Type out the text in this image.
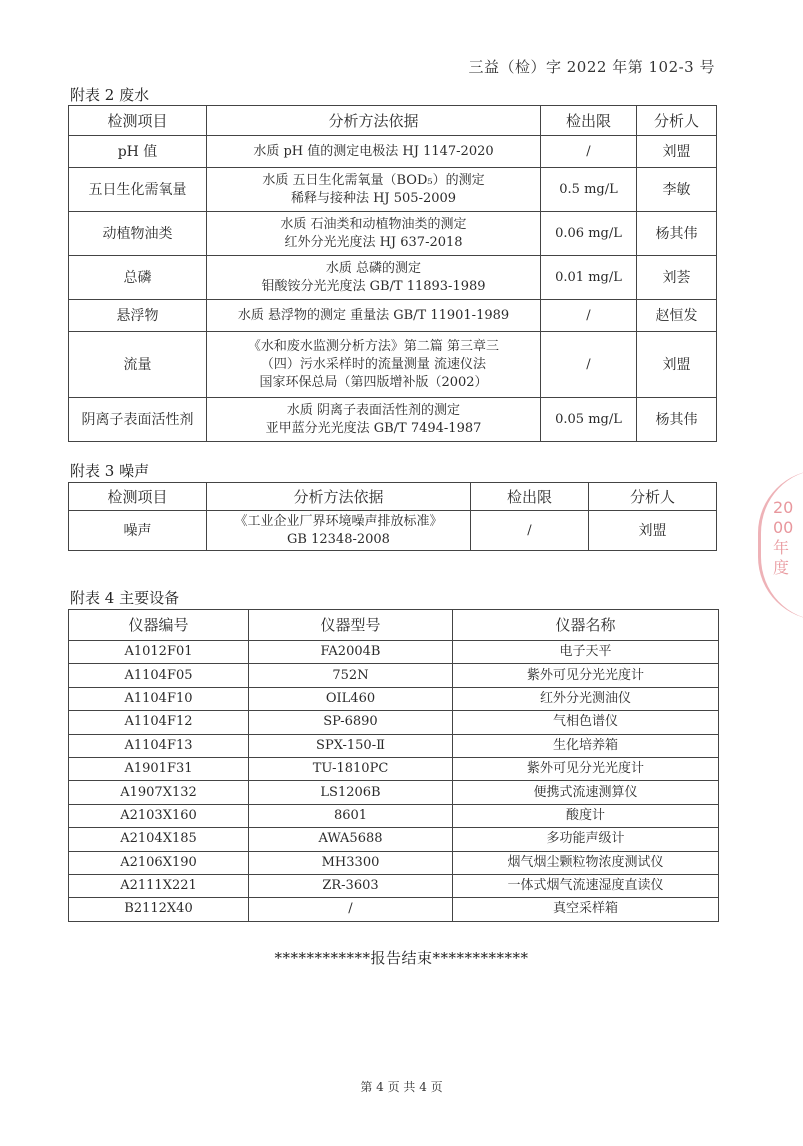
三益（检）字 2022 年第 102-3 号
附表 2 废水
检测项目	分析方法依据	检出限	分析人
pH 值	水质 pH 值的测定电极法 HJ 1147-2020	/	刘盟
五日生化需氧量	水质 五日生化需氧量（BOD₅）的测定
稀释与接种法 HJ 505-2009	0.5 mg/L	李敏
动植物油类	水质 石油类和动植物油类的测定
红外分光光度法 HJ 637-2018	0.06 mg/L	杨其伟
总磷	水质 总磷的测定
钼酸铵分光光度法 GB/T 11893-1989	0.01 mg/L	刘荟
悬浮物	水质 悬浮物的测定 重量法 GB/T 11901-1989	/	赵恒发
流量	《水和废水监测分析方法》第二篇 第三章三
（四）污水采样时的流量测量 流速仪法
国家环保总局（第四版增补版（2002）	/	刘盟
阴离子表面活性剂	水质 阴离子表面活性剂的测定
亚甲蓝分光光度法 GB/T 7494-1987	0.05 mg/L	杨其伟
附表 3 噪声
检测项目	分析方法依据	检出限	分析人
噪声	《工业企业厂界环境噪声排放标准》
GB 12348-2008	/	刘盟
附表 4 主要设备
仪器编号	仪器型号	仪器名称
A1012F01	FA2004B	电子天平
A1104F05	752N	紫外可见分光光度计
A1104F10	OIL460	红外分光测油仪
A1104F12	SP-6890	气相色谱仪
A1104F13	SPX-150-Ⅱ	生化培养箱
A1901F31	TU-1810PC	紫外可见分光光度计
A1907X132	LS1206B	便携式流速测算仪
A2103X160	8601	酸度计
A2104X185	AWA5688	多功能声级计
A2106X190	MH3300	烟气烟尘颗粒物浓度测试仪
A2111X221	ZR-3603	一体式烟气流速湿度直读仪
B2112X40	/	真空采样箱
************报告结束************
第 4 页 共 4 页
2000年度
